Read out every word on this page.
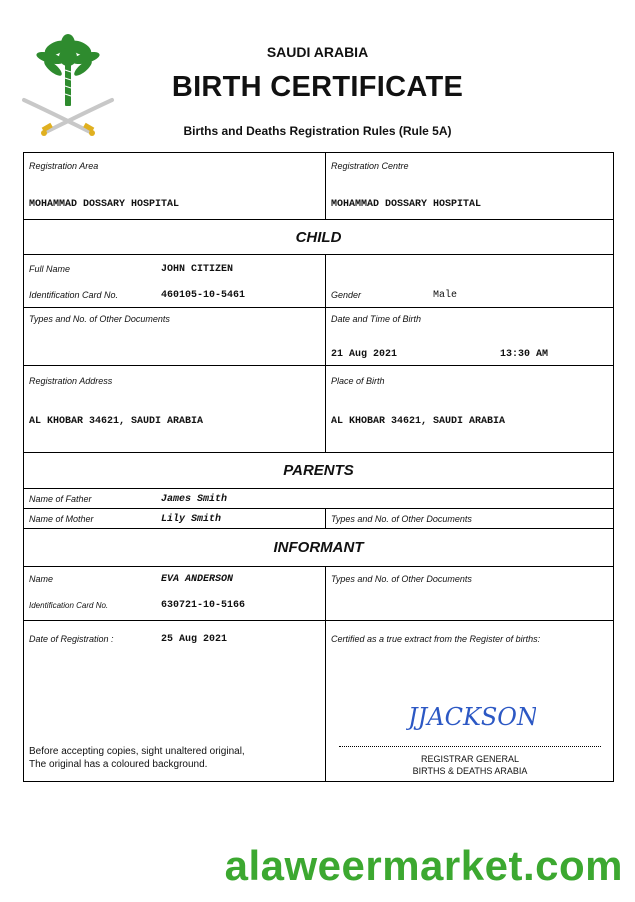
SAUDI ARABIA
BIRTH CERTIFICATE
Births and Deaths Registration Rules (Rule 5A)
Registration Area
MOHAMMAD DOSSARY HOSPITAL
Registration Centre
MOHAMMAD DOSSARY HOSPITAL
CHILD
Full Name	JOHN CITIZEN
Identification Card No.	460105-10-5461	Gender	Male
Types and No. of Other Documents	Date and Time of Birth
21 Aug 2021	13:30 AM
Registration Address
AL KHOBAR 34621, SAUDI ARABIA
Place of Birth
AL KHOBAR 34621, SAUDI ARABIA
PARENTS
Name of Father	James Smith
Name of Mother	Lily Smith	Types and No. of Other Documents
INFORMANT
Name	EVA ANDERSON	Types and No. of Other Documents
Identification Card No.	630721-10-5166
Date of Registration :	25 Aug 2021	Certified as a true extract from the Register of births:
Before accepting copies, sight unaltered original,
The original has a coloured background.
JJACKSON
REGISTRAR GENERAL
BIRTHS & DEATHS ARABIA
alaweermarket.com
